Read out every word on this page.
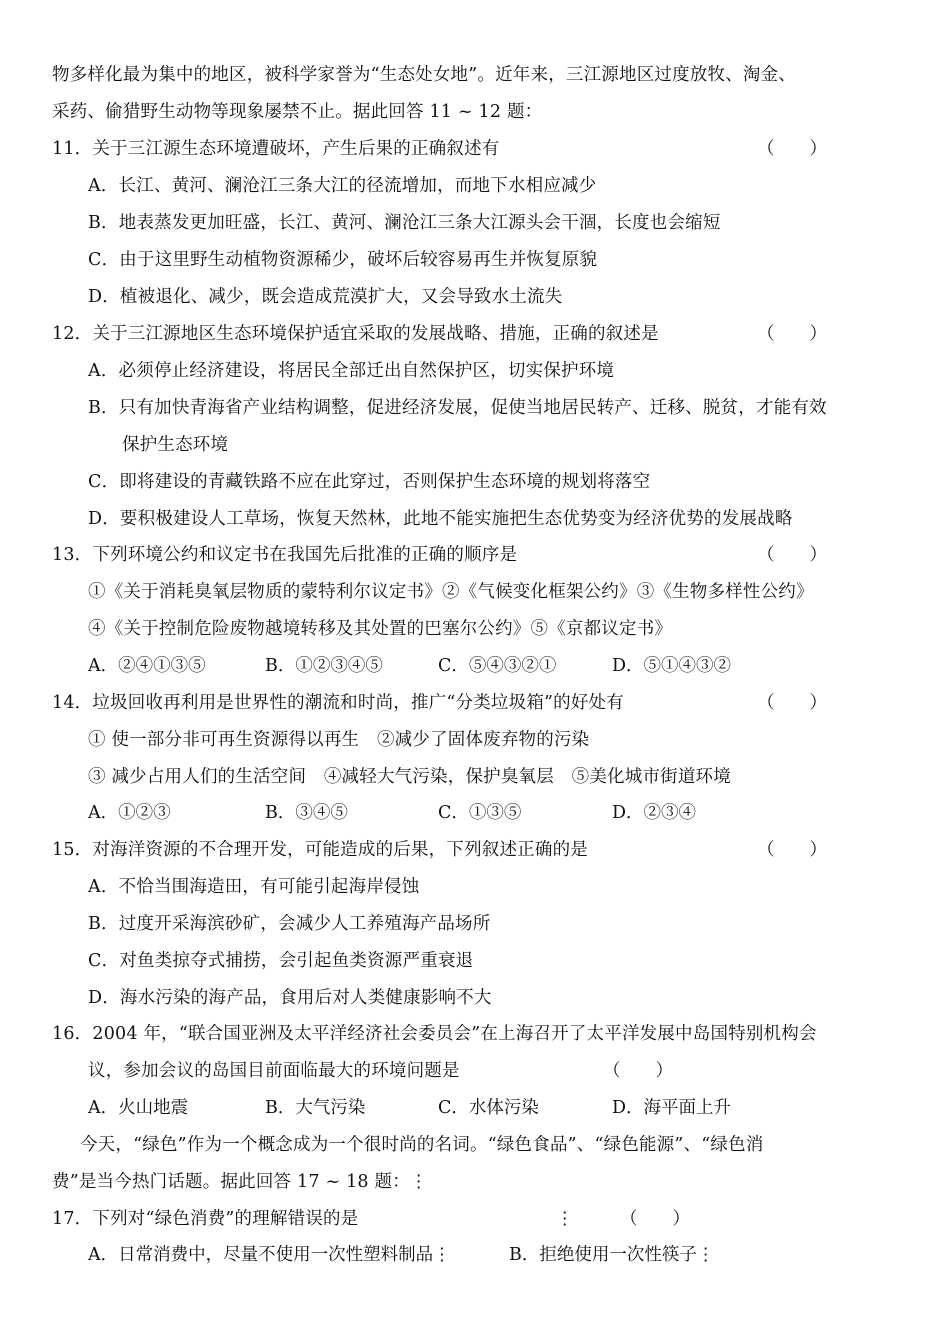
物多样化最为集中的地区，被科学家誉为“生态处女地”。近年来，三江源地区过度放牧、淘金、
采药、偷猎野生动物等现象屡禁不止。据此回答 11 ~ 12 题：
11．关于三江源生态环境遭破坏，产生后果的正确叙述有	（　　）
A．长江、黄河、澜沧江三条大江的径流增加，而地下水相应减少
B．地表蒸发更加旺盛，长江、黄河、澜沧江三条大江源头会干涸，长度也会缩短
C．由于这里野生动植物资源稀少，破坏后较容易再生并恢复原貌
D．植被退化、减少，既会造成荒漠扩大，又会导致水土流失
12．关于三江源地区生态环境保护适宜采取的发展战略、措施，正确的叙述是	（　　）
A．必须停止经济建设，将居民全部迁出自然保护区，切实保护环境
B．只有加快青海省产业结构调整，促进经济发展，促使当地居民转产、迁移、脱贫，才能有效
保护生态环境
C．即将建设的青藏铁路不应在此穿过，否则保护生态环境的规划将落空
D．要积极建设人工草场，恢复天然林，此地不能实施把生态优势变为经济优势的发展战略
13．下列环境公约和议定书在我国先后批准的正确的顺序是	（　　）
①《关于消耗臭氧层物质的蒙特利尔议定书》②《气候变化框架公约》③《生物多样性公约》
④《关于控制危险废物越境转移及其处置的巴塞尔公约》⑤《京都议定书》
A．②④①③⑤	B．①②③④⑤	C．⑤④③②①	D．⑤①④③②
14．垃圾回收再利用是世界性的潮流和时尚，推广“分类垃圾箱”的好处有	（　　）
① 使一部分非可再生资源得以再生　②减少了固体废弃物的污染
③ 减少占用人们的生活空间　④减轻大气污染，保护臭氧层　⑤美化城市街道环境
A．①②③	B．③④⑤	C．①③⑤	D．②③④
15．对海洋资源的不合理开发，可能造成的后果，下列叙述正确的是	（　　）
A．不恰当围海造田，有可能引起海岸侵蚀
B．过度开采海滨砂矿，会减少人工养殖海产品场所
C．对鱼类掠夺式捕捞，会引起鱼类资源严重衰退
D．海水污染的海产品，食用后对人类健康影响不大
16．2004 年，“联合国亚洲及太平洋经济社会委员会”在上海召开了太平洋发展中岛国特别机构会
议，参加会议的岛国目前面临最大的环境问题是	（　　）
A．火山地震	B．大气污染	C．水体污染	D．海平面上升
今天，“绿色”作为一个概念成为一个很时尚的名词。“绿色食品”、“绿色能源”、“绿色消
费”是当今热门话题。据此回答 17 ~ 18 题：⋮
17．下列对“绿色消费”的理解错误的是	⋮	（　　）
A．日常消费中，尽量不使用一次性塑料制品⋮	B．拒绝使用一次性筷子⋮
